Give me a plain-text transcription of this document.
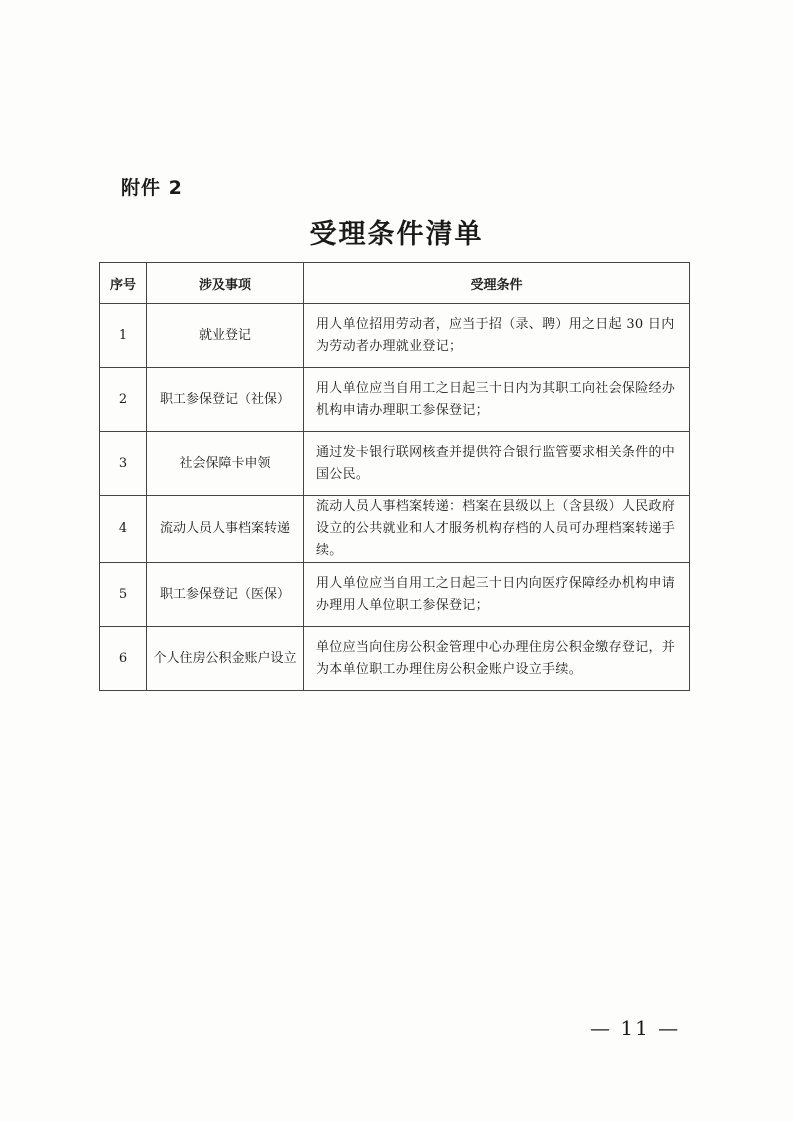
附件 2
受理条件清单
序号	涉及事项	受理条件
1	就业登记	用人单位招用劳动者，应当于招（录、聘）用之日起 30 日内为劳动者办理就业登记；
2	职工参保登记（社保）	用人单位应当自用工之日起三十日内为其职工向社会保险经办机构申请办理职工参保登记；
3	社会保障卡申领	通过发卡银行联网核查并提供符合银行监管要求相关条件的中国公民。
4	流动人员人事档案转递	流动人员人事档案转递：档案在县级以上（含县级）人民政府设立的公共就业和人才服务机构存档的人员可办理档案转递手续。
5	职工参保登记（医保）	用人单位应当自用工之日起三十日内向医疗保障经办机构申请办理用人单位职工参保登记；
6	个人住房公积金账户设立	单位应当向住房公积金管理中心办理住房公积金缴存登记，并为本单位职工办理住房公积金账户设立手续。
— 11 —
